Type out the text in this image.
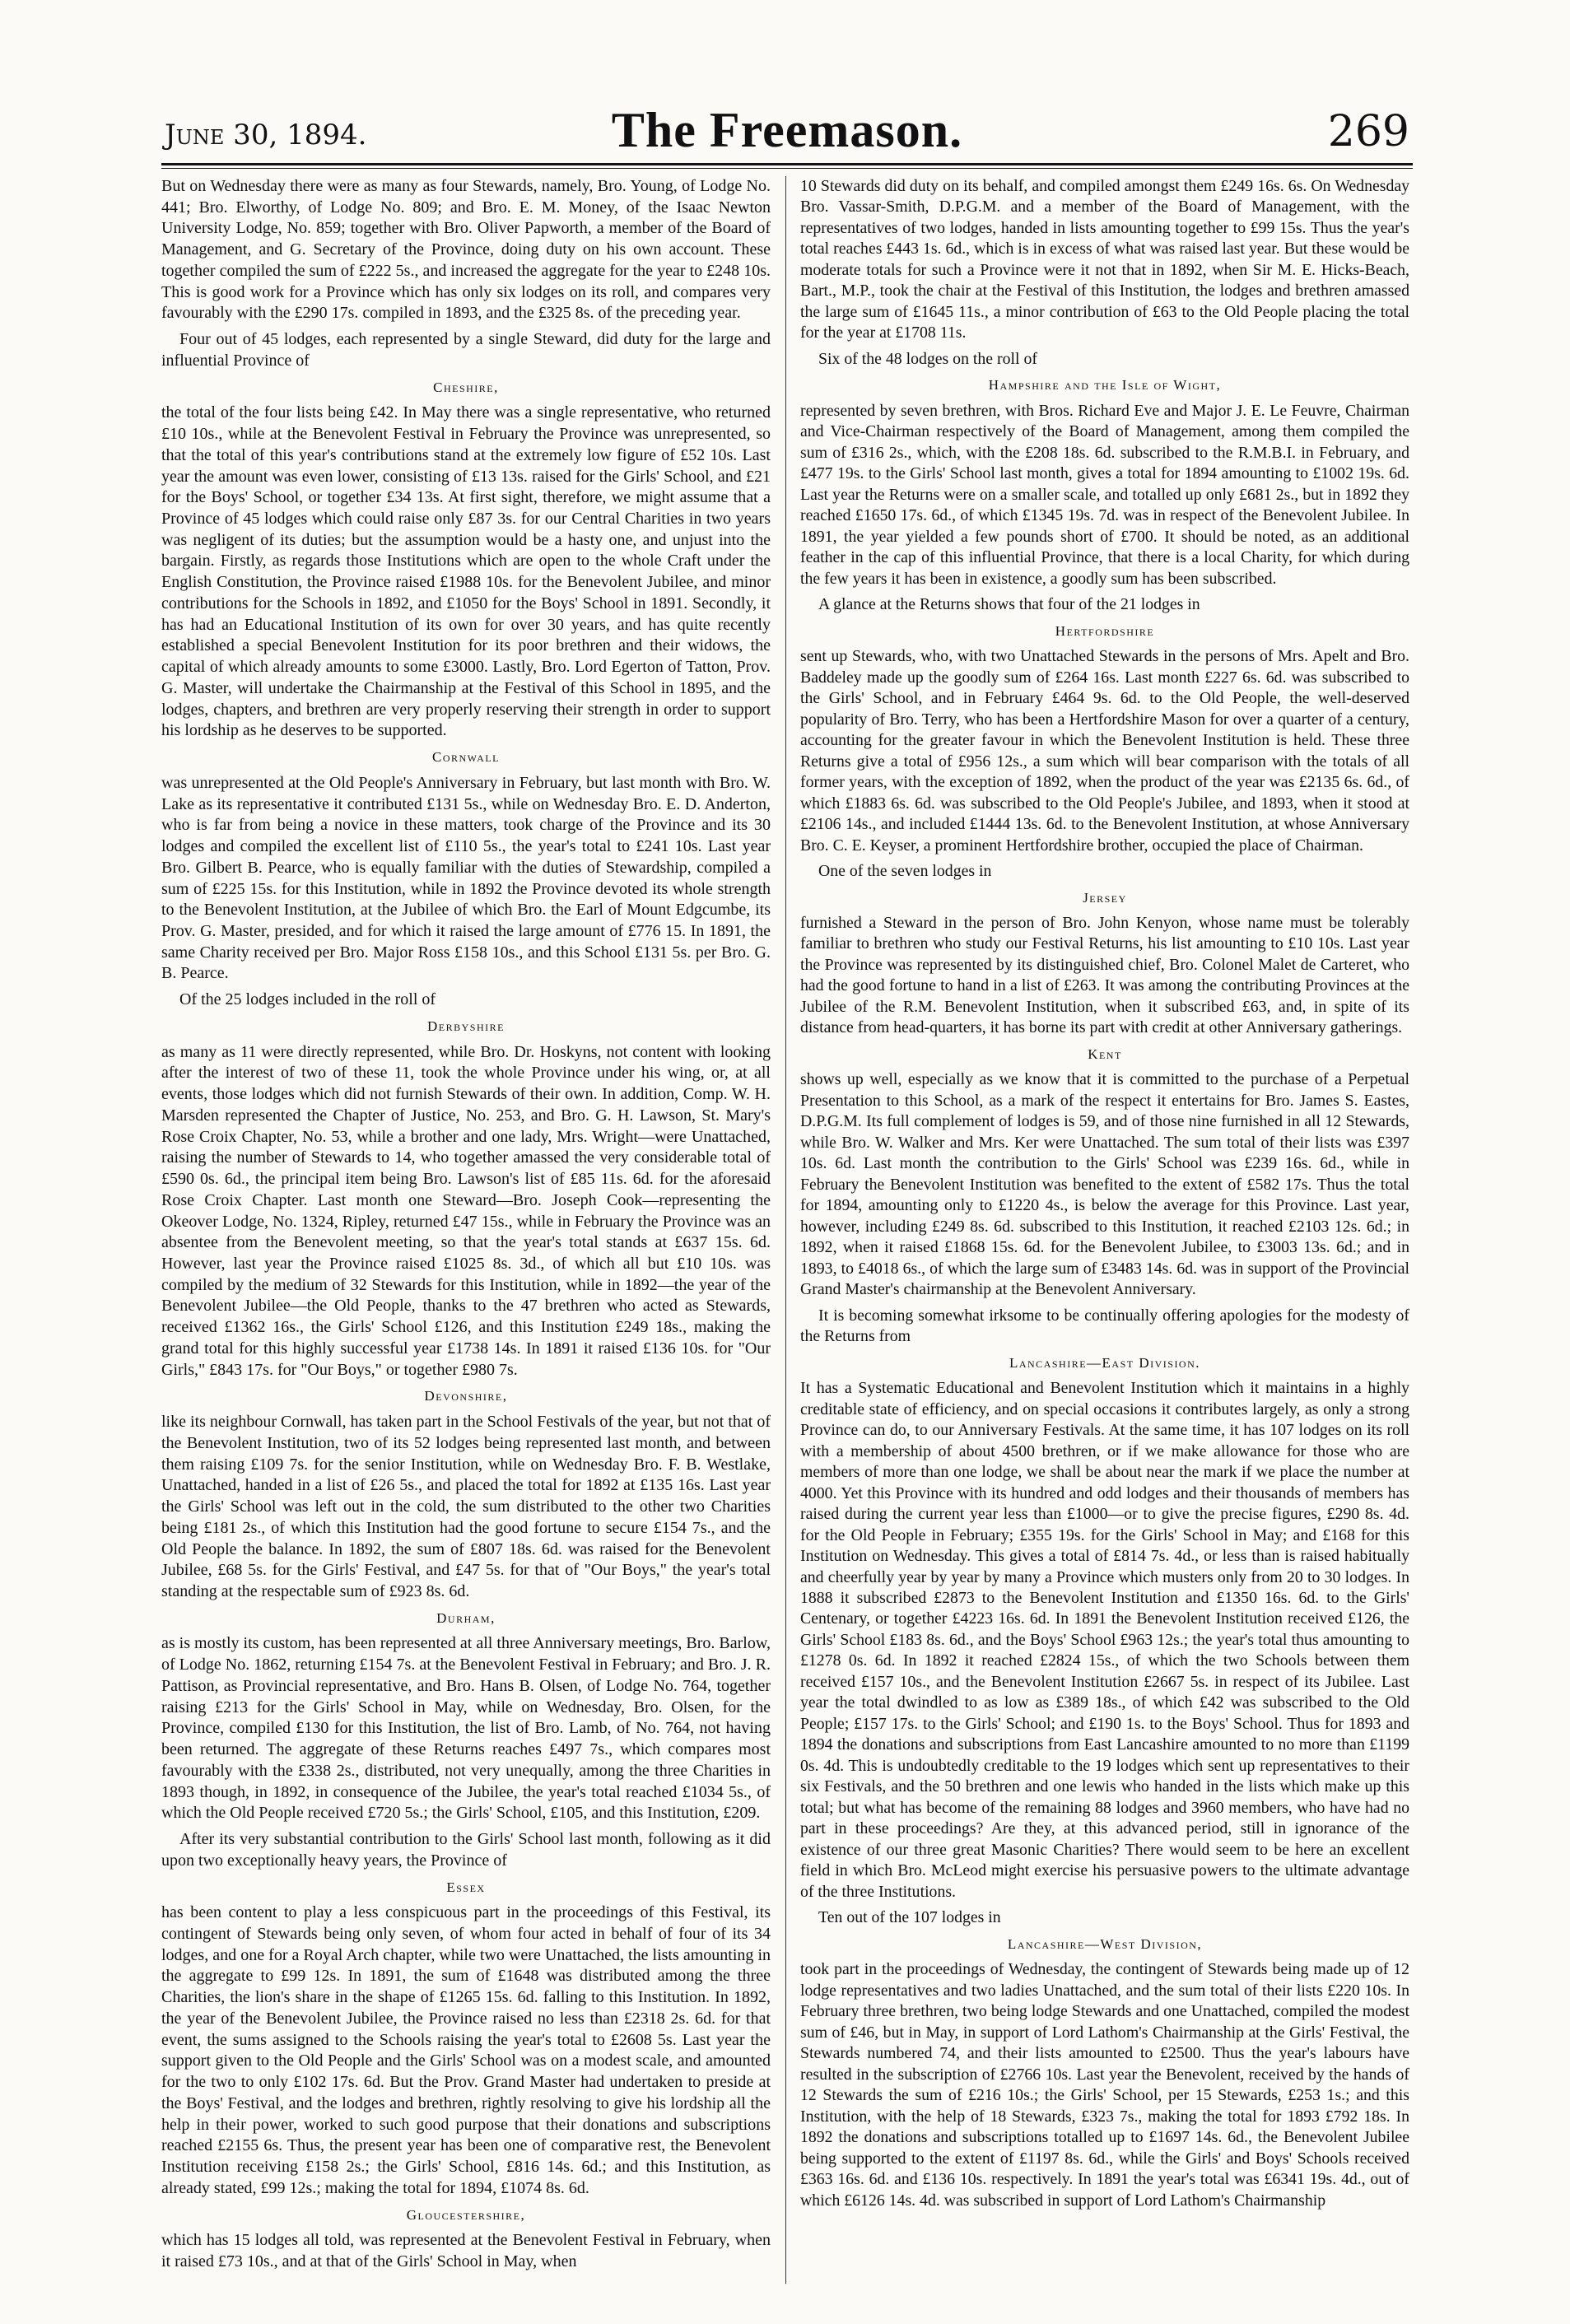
June 30, 1894.	The Freemason.	269

But on Wednesday there were as many as four Stewards, namely, Bro. Young, of Lodge No. 441; Bro. Elworthy, of Lodge No. 809; and Bro. E. M. Money, of the Isaac Newton University Lodge, No. 859; together with Bro. Oliver Papworth, a member of the Board of Management, and G. Secretary of the Province, doing duty on his own account. These together compiled the sum of £222 5s., and increased the aggregate for the year to £248 10s. This is good work for a Province which has only six lodges on its roll, and compares very favourably with the £290 17s. compiled in 1893, and the £325 8s. of the preceding year.

Four out of 45 lodges, each represented by a single Steward, did duty for the large and influential Province of

Cheshire,

the total of the four lists being £42. In May there was a single representative, who returned £10 10s., while at the Benevolent Festival in February the Province was unrepresented, so that the total of this year's contributions stand at the extremely low figure of £52 10s. Last year the amount was even lower, consisting of £13 13s. raised for the Girls' School, and £21 for the Boys' School, or together £34 13s. At first sight, therefore, we might assume that a Province of 45 lodges which could raise only £87 3s. for our Central Charities in two years was negligent of its duties; but the assumption would be a hasty one, and unjust into the bargain. Firstly, as regards those Institutions which are open to the whole Craft under the English Constitution, the Province raised £1988 10s. for the Benevolent Jubilee, and minor contributions for the Schools in 1892, and £1050 for the Boys' School in 1891. Secondly, it has had an Educational Institution of its own for over 30 years, and has quite recently established a special Benevolent Institution for its poor brethren and their widows, the capital of which already amounts to some £3000. Lastly, Bro. Lord Egerton of Tatton, Prov. G. Master, will undertake the Chairmanship at the Festival of this School in 1895, and the lodges, chapters, and brethren are very properly reserving their strength in order to support his lordship as he deserves to be supported.

Cornwall

was unrepresented at the Old People's Anniversary in February, but last month with Bro. W. Lake as its representative it contributed £131 5s., while on Wednesday Bro. E. D. Anderton, who is far from being a novice in these matters, took charge of the Province and its 30 lodges and compiled the excellent list of £110 5s., the year's total to £241 10s. Last year Bro. Gilbert B. Pearce, who is equally familiar with the duties of Stewardship, compiled a sum of £225 15s. for this Institution, while in 1892 the Province devoted its whole strength to the Benevolent Institution, at the Jubilee of which Bro. the Earl of Mount Edgcumbe, its Prov. G. Master, presided, and for which it raised the large amount of £776 15. In 1891, the same Charity received per Bro. Major Ross £158 10s., and this School £131 5s. per Bro. G. B. Pearce.

Of the 25 lodges included in the roll of

Derbyshire

as many as 11 were directly represented, while Bro. Dr. Hoskyns, not content with looking after the interest of two of these 11, took the whole Province under his wing, or, at all events, those lodges which did not furnish Stewards of their own. In addition, Comp. W. H. Marsden represented the Chapter of Justice, No. 253, and Bro. G. H. Lawson, St. Mary's Rose Croix Chapter, No. 53, while a brother and one lady, Mrs. Wright—were Unattached, raising the number of Stewards to 14, who together amassed the very considerable total of £590 0s. 6d., the principal item being Bro. Lawson's list of £85 11s. 6d. for the aforesaid Rose Croix Chapter. Last month one Steward—Bro. Joseph Cook—representing the Okeover Lodge, No. 1324, Ripley, returned £47 15s., while in February the Province was an absentee from the Benevolent meeting, so that the year's total stands at £637 15s. 6d. However, last year the Province raised £1025 8s. 3d., of which all but £10 10s. was compiled by the medium of 32 Stewards for this Institution, while in 1892—the year of the Benevolent Jubilee—the Old People, thanks to the 47 brethren who acted as Stewards, received £1362 16s., the Girls' School £126, and this Institution £249 18s., making the grand total for this highly successful year £1738 14s. In 1891 it raised £136 10s. for "Our Girls," £843 17s. for "Our Boys," or together £980 7s.

Devonshire,

like its neighbour Cornwall, has taken part in the School Festivals of the year, but not that of the Benevolent Institution, two of its 52 lodges being represented last month, and between them raising £109 7s. for the senior Institution, while on Wednesday Bro. F. B. Westlake, Unattached, handed in a list of £26 5s., and placed the total for 1892 at £135 16s. Last year the Girls' School was left out in the cold, the sum distributed to the other two Charities being £181 2s., of which this Institution had the good fortune to secure £154 7s., and the Old People the balance. In 1892, the sum of £807 18s. 6d. was raised for the Benevolent Jubilee, £68 5s. for the Girls' Festival, and £47 5s. for that of "Our Boys," the year's total standing at the respectable sum of £923 8s. 6d.

Durham,

as is mostly its custom, has been represented at all three Anniversary meetings, Bro. Barlow, of Lodge No. 1862, returning £154 7s. at the Benevolent Festival in February; and Bro. J. R. Pattison, as Provincial representative, and Bro. Hans B. Olsen, of Lodge No. 764, together raising £213 for the Girls' School in May, while on Wednesday, Bro. Olsen, for the Province, compiled £130 for this Institution, the list of Bro. Lamb, of No. 764, not having been returned. The aggregate of these Returns reaches £497 7s., which compares most favourably with the £338 2s., distributed, not very unequally, among the three Charities in 1893 though, in 1892, in consequence of the Jubilee, the year's total reached £1034 5s., of which the Old People received £720 5s.; the Girls' School, £105, and this Institution, £209.

After its very substantial contribution to the Girls' School last month, following as it did upon two exceptionally heavy years, the Province of

Essex

has been content to play a less conspicuous part in the proceedings of this Festival, its contingent of Stewards being only seven, of whom four acted in behalf of four of its 34 lodges, and one for a Royal Arch chapter, while two were Unattached, the lists amounting in the aggregate to £99 12s. In 1891, the sum of £1648 was distributed among the three Charities, the lion's share in the shape of £1265 15s. 6d. falling to this Institution. In 1892, the year of the Benevolent Jubilee, the Province raised no less than £2318 2s. 6d. for that event, the sums assigned to the Schools raising the year's total to £2608 5s. Last year the support given to the Old People and the Girls' School was on a modest scale, and amounted for the two to only £102 17s. 6d. But the Prov. Grand Master had undertaken to preside at the Boys' Festival, and the lodges and brethren, rightly resolving to give his lordship all the help in their power, worked to such good purpose that their donations and subscriptions reached £2155 6s. Thus, the present year has been one of comparative rest, the Benevolent Institution receiving £158 2s.; the Girls' School, £816 14s. 6d.; and this Institution, as already stated, £99 12s.; making the total for 1894, £1074 8s. 6d.

Gloucestershire,

which has 15 lodges all told, was represented at the Benevolent Festival in February, when it raised £73 10s., and at that of the Girls' School in May, when

10 Stewards did duty on its behalf, and compiled amongst them £249 16s. 6s. On Wednesday Bro. Vassar-Smith, D.P.G.M. and a member of the Board of Management, with the representatives of two lodges, handed in lists amounting together to £99 15s. Thus the year's total reaches £443 1s. 6d., which is in excess of what was raised last year. But these would be moderate totals for such a Province were it not that in 1892, when Sir M. E. Hicks-Beach, Bart., M.P., took the chair at the Festival of this Institution, the lodges and brethren amassed the large sum of £1645 11s., a minor contribution of £63 to the Old People placing the total for the year at £1708 11s.

Six of the 48 lodges on the roll of

Hampshire and the Isle of Wight,

represented by seven brethren, with Bros. Richard Eve and Major J. E. Le Feuvre, Chairman and Vice-Chairman respectively of the Board of Management, among them compiled the sum of £316 2s., which, with the £208 18s. 6d. subscribed to the R.M.B.I. in February, and £477 19s. to the Girls' School last month, gives a total for 1894 amounting to £1002 19s. 6d. Last year the Returns were on a smaller scale, and totalled up only £681 2s., but in 1892 they reached £1650 17s. 6d., of which £1345 19s. 7d. was in respect of the Benevolent Jubilee. In 1891, the year yielded a few pounds short of £700. It should be noted, as an additional feather in the cap of this influential Province, that there is a local Charity, for which during the few years it has been in existence, a goodly sum has been subscribed.

A glance at the Returns shows that four of the 21 lodges in

Hertfordshire

sent up Stewards, who, with two Unattached Stewards in the persons of Mrs. Apelt and Bro. Baddeley made up the goodly sum of £264 16s. Last month £227 6s. 6d. was subscribed to the Girls' School, and in February £464 9s. 6d. to the Old People, the well-deserved popularity of Bro. Terry, who has been a Hertfordshire Mason for over a quarter of a century, accounting for the greater favour in which the Benevolent Institution is held. These three Returns give a total of £956 12s., a sum which will bear comparison with the totals of all former years, with the exception of 1892, when the product of the year was £2135 6s. 6d., of which £1883 6s. 6d. was subscribed to the Old People's Jubilee, and 1893, when it stood at £2106 14s., and included £1444 13s. 6d. to the Benevolent Institution, at whose Anniversary Bro. C. E. Keyser, a prominent Hertfordshire brother, occupied the place of Chairman.

One of the seven lodges in

Jersey

furnished a Steward in the person of Bro. John Kenyon, whose name must be tolerably familiar to brethren who study our Festival Returns, his list amounting to £10 10s. Last year the Province was represented by its distinguished chief, Bro. Colonel Malet de Carteret, who had the good fortune to hand in a list of £263. It was among the contributing Provinces at the Jubilee of the R.M. Benevolent Institution, when it subscribed £63, and, in spite of its distance from head-quarters, it has borne its part with credit at other Anniversary gatherings.

Kent

shows up well, especially as we know that it is committed to the purchase of a Perpetual Presentation to this School, as a mark of the respect it entertains for Bro. James S. Eastes, D.P.G.M. Its full complement of lodges is 59, and of those nine furnished in all 12 Stewards, while Bro. W. Walker and Mrs. Ker were Unattached. The sum total of their lists was £397 10s. 6d. Last month the contribution to the Girls' School was £239 16s. 6d., while in February the Benevolent Institution was benefited to the extent of £582 17s. Thus the total for 1894, amounting only to £1220 4s., is below the average for this Province. Last year, however, including £249 8s. 6d. subscribed to this Institution, it reached £2103 12s. 6d.; in 1892, when it raised £1868 15s. 6d. for the Benevolent Jubilee, to £3003 13s. 6d.; and in 1893, to £4018 6s., of which the large sum of £3483 14s. 6d. was in support of the Provincial Grand Master's chairmanship at the Benevolent Anniversary.

It is becoming somewhat irksome to be continually offering apologies for the modesty of the Returns from

Lancashire—East Division.

It has a Systematic Educational and Benevolent Institution which it maintains in a highly creditable state of efficiency, and on special occasions it contributes largely, as only a strong Province can do, to our Anniversary Festivals. At the same time, it has 107 lodges on its roll with a membership of about 4500 brethren, or if we make allowance for those who are members of more than one lodge, we shall be about near the mark if we place the number at 4000. Yet this Province with its hundred and odd lodges and their thousands of members has raised during the current year less than £1000—or to give the precise figures, £290 8s. 4d. for the Old People in February; £355 19s. for the Girls' School in May; and £168 for this Institution on Wednesday. This gives a total of £814 7s. 4d., or less than is raised habitually and cheerfully year by year by many a Province which musters only from 20 to 30 lodges. In 1888 it subscribed £2873 to the Benevolent Institution and £1350 16s. 6d. to the Girls' Centenary, or together £4223 16s. 6d. In 1891 the Benevolent Institution received £126, the Girls' School £183 8s. 6d., and the Boys' School £963 12s.; the year's total thus amounting to £1278 0s. 6d. In 1892 it reached £2824 15s., of which the two Schools between them received £157 10s., and the Benevolent Institution £2667 5s. in respect of its Jubilee. Last year the total dwindled to as low as £389 18s., of which £42 was subscribed to the Old People; £157 17s. to the Girls' School; and £190 1s. to the Boys' School. Thus for 1893 and 1894 the donations and subscriptions from East Lancashire amounted to no more than £1199 0s. 4d. This is undoubtedly creditable to the 19 lodges which sent up representatives to their six Festivals, and the 50 brethren and one lewis who handed in the lists which make up this total; but what has become of the remaining 88 lodges and 3960 members, who have had no part in these proceedings? Are they, at this advanced period, still in ignorance of the existence of our three great Masonic Charities? There would seem to be here an excellent field in which Bro. McLeod might exercise his persuasive powers to the ultimate advantage of the three Institutions.

Ten out of the 107 lodges in

Lancashire—West Division,

took part in the proceedings of Wednesday, the contingent of Stewards being made up of 12 lodge representatives and two ladies Unattached, and the sum total of their lists £220 10s. In February three brethren, two being lodge Stewards and one Unattached, compiled the modest sum of £46, but in May, in support of Lord Lathom's Chairmanship at the Girls' Festival, the Stewards numbered 74, and their lists amounted to £2500. Thus the year's labours have resulted in the subscription of £2766 10s. Last year the Benevolent, received by the hands of 12 Stewards the sum of £216 10s.; the Girls' School, per 15 Stewards, £253 1s.; and this Institution, with the help of 18 Stewards, £323 7s., making the total for 1893 £792 18s. In 1892 the donations and subscriptions totalled up to £1697 14s. 6d., the Benevolent Jubilee being supported to the extent of £1197 8s. 6d., while the Girls' and Boys' Schools received £363 16s. 6d. and £136 10s. respectively. In 1891 the year's total was £6341 19s. 4d., out of which £6126 14s. 4d. was subscribed in support of Lord Lathom's Chairmanship
